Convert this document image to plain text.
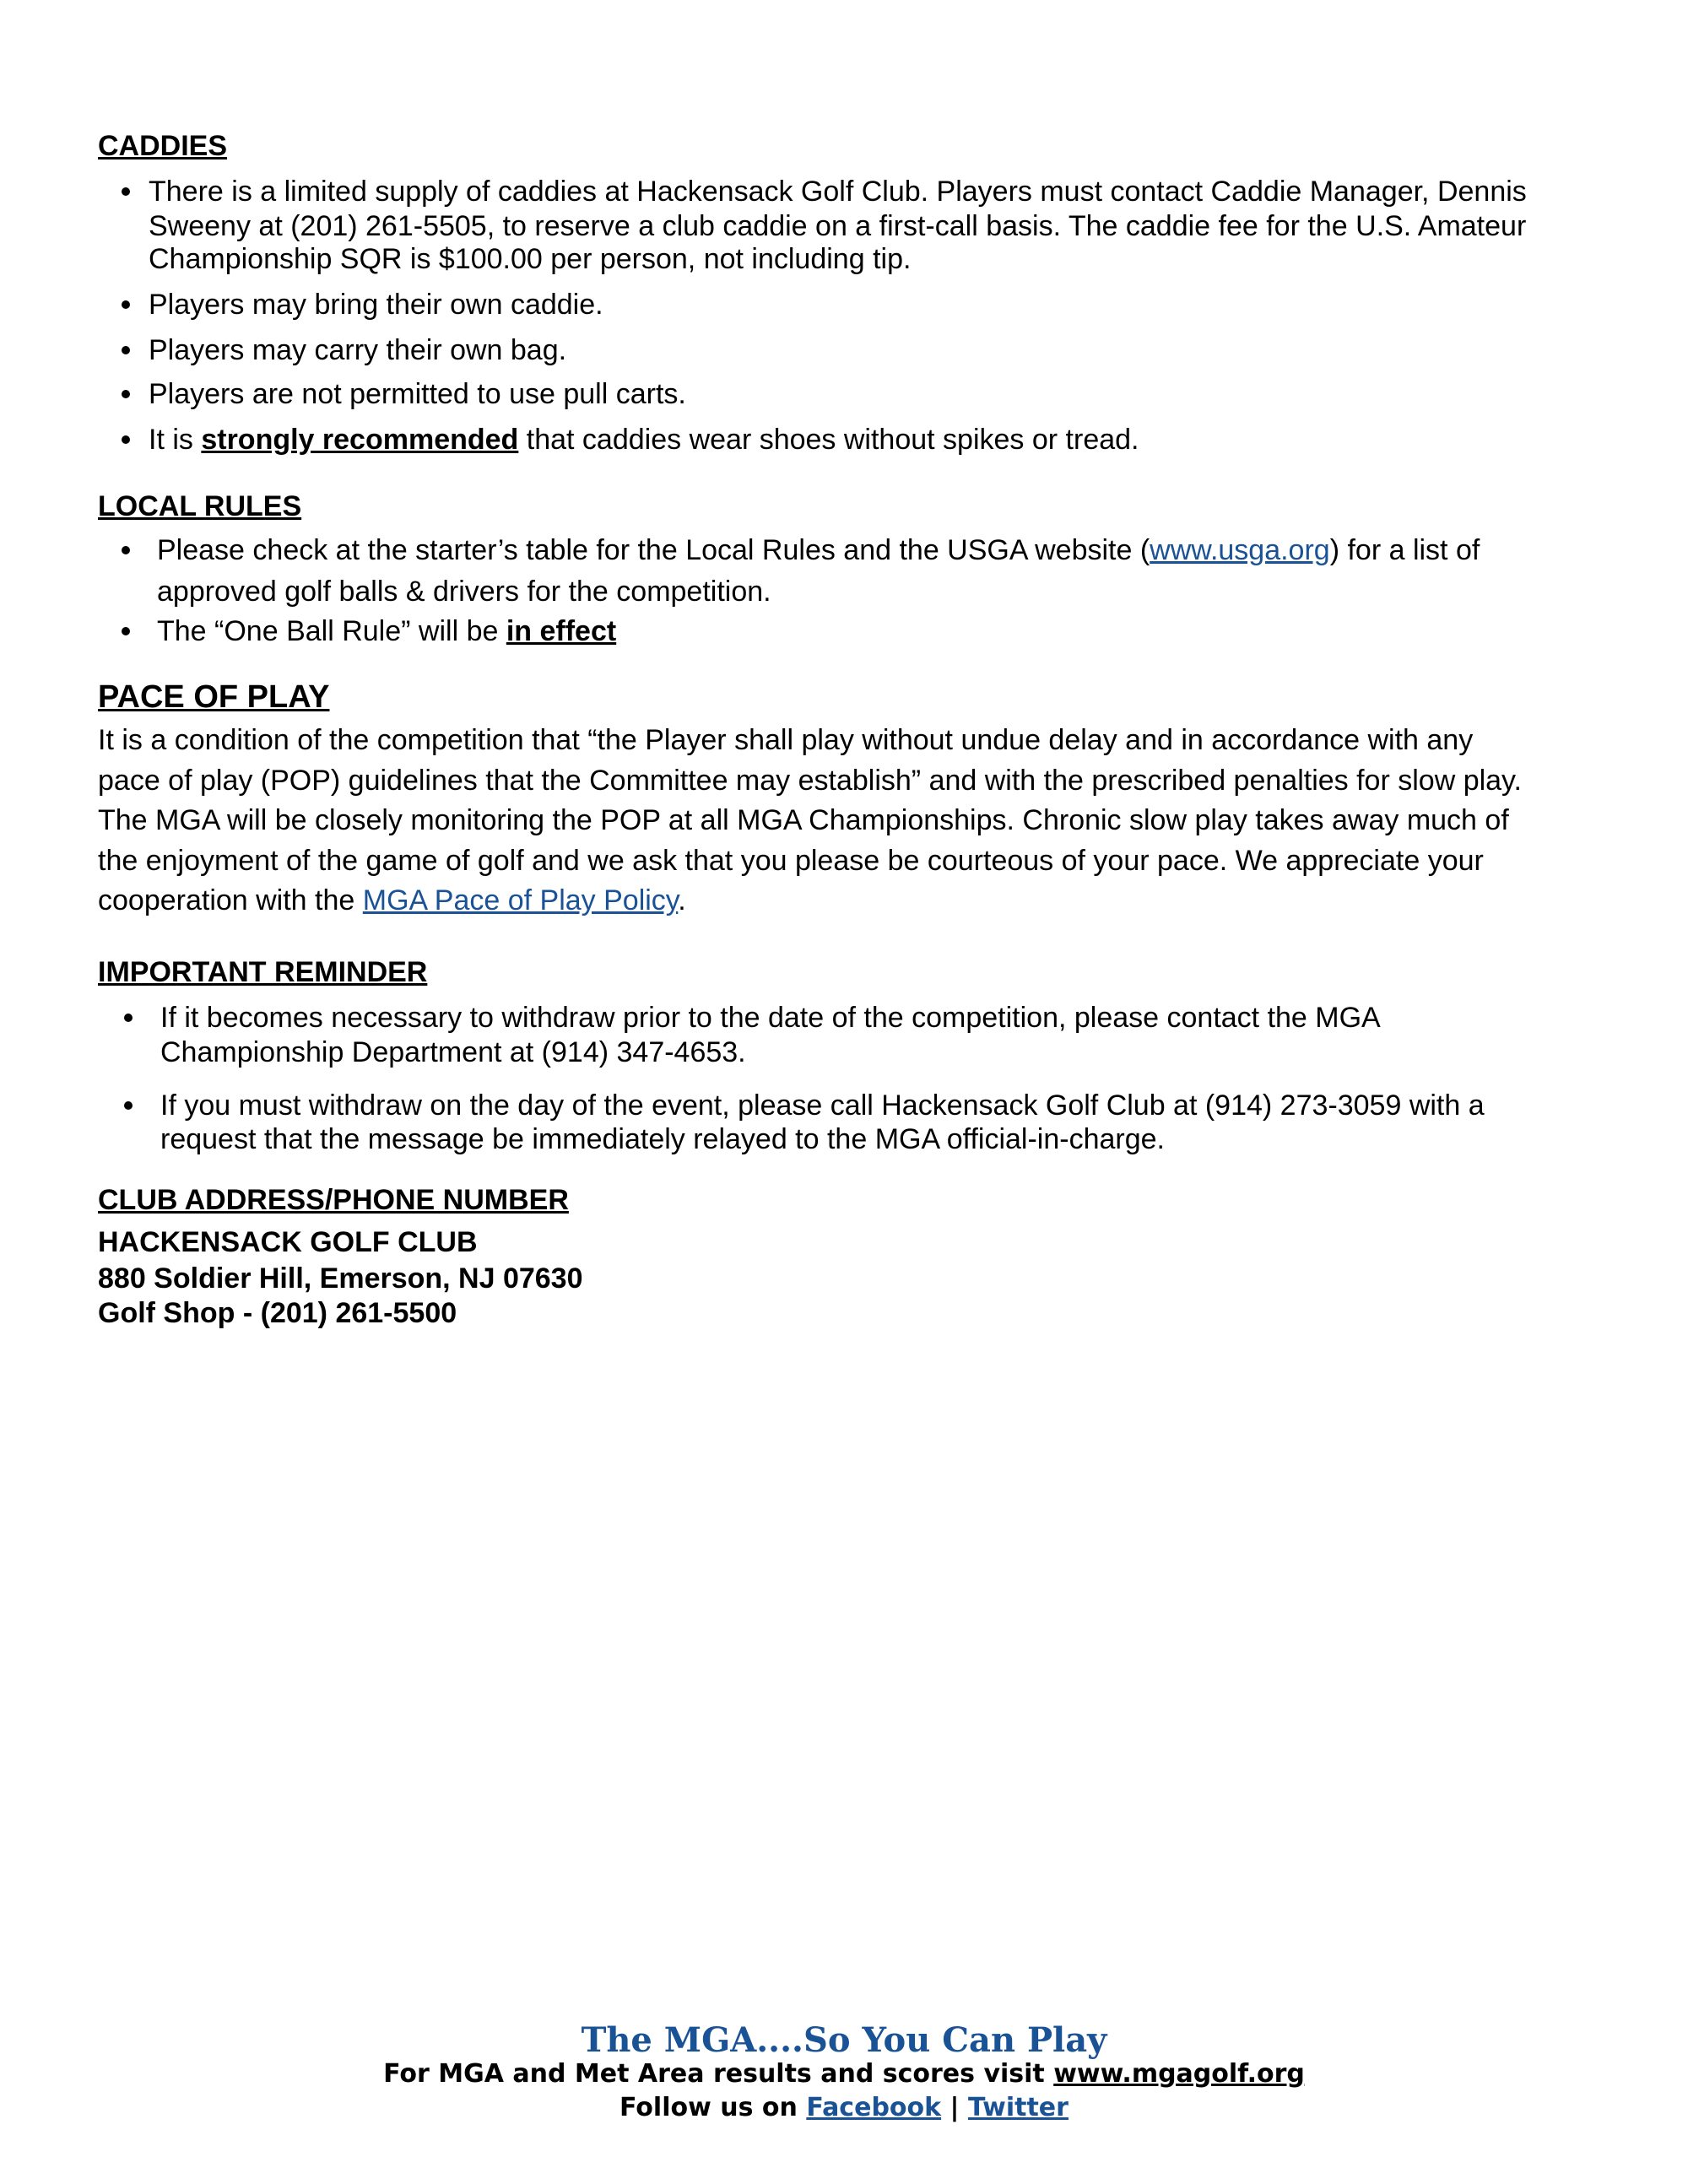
CADDIES
There is a limited supply of caddies at Hackensack Golf Club. Players must contact Caddie Manager, Dennis
Sweeny at (201) 261-5505, to reserve a club caddie on a first-call basis. The caddie fee for the U.S. Amateur
Championship SQR is $100.00 per person, not including tip.
Players may bring their own caddie.
Players may carry their own bag.
Players are not permitted to use pull carts.
It is strongly recommended that caddies wear shoes without spikes or tread.
LOCAL RULES
Please check at the starter’s table for the Local Rules and the USGA website (www.usga.org) for a list of
approved golf balls & drivers for the competition.
The “One Ball Rule” will be in effect
PACE OF PLAY
It is a condition of the competition that “the Player shall play without undue delay and in accordance with any
pace of play (POP) guidelines that the Committee may establish” and with the prescribed penalties for slow play.
The MGA will be closely monitoring the POP at all MGA Championships. Chronic slow play takes away much of
the enjoyment of the game of golf and we ask that you please be courteous of your pace. We appreciate your
cooperation with the MGA Pace of Play Policy.
IMPORTANT REMINDER
If it becomes necessary to withdraw prior to the date of the competition, please contact the MGA
Championship Department at (914) 347-4653.
If you must withdraw on the day of the event, please call Hackensack Golf Club at (914) 273-3059 with a
request that the message be immediately relayed to the MGA official-in-charge.
CLUB ADDRESS/PHONE NUMBER
HACKENSACK GOLF CLUB
880 Soldier Hill, Emerson, NJ 07630
Golf Shop - (201) 261-5500
The MGA....So You Can Play
For MGA and Met Area results and scores visit www.mgagolf.org
Follow us on Facebook | Twitter
